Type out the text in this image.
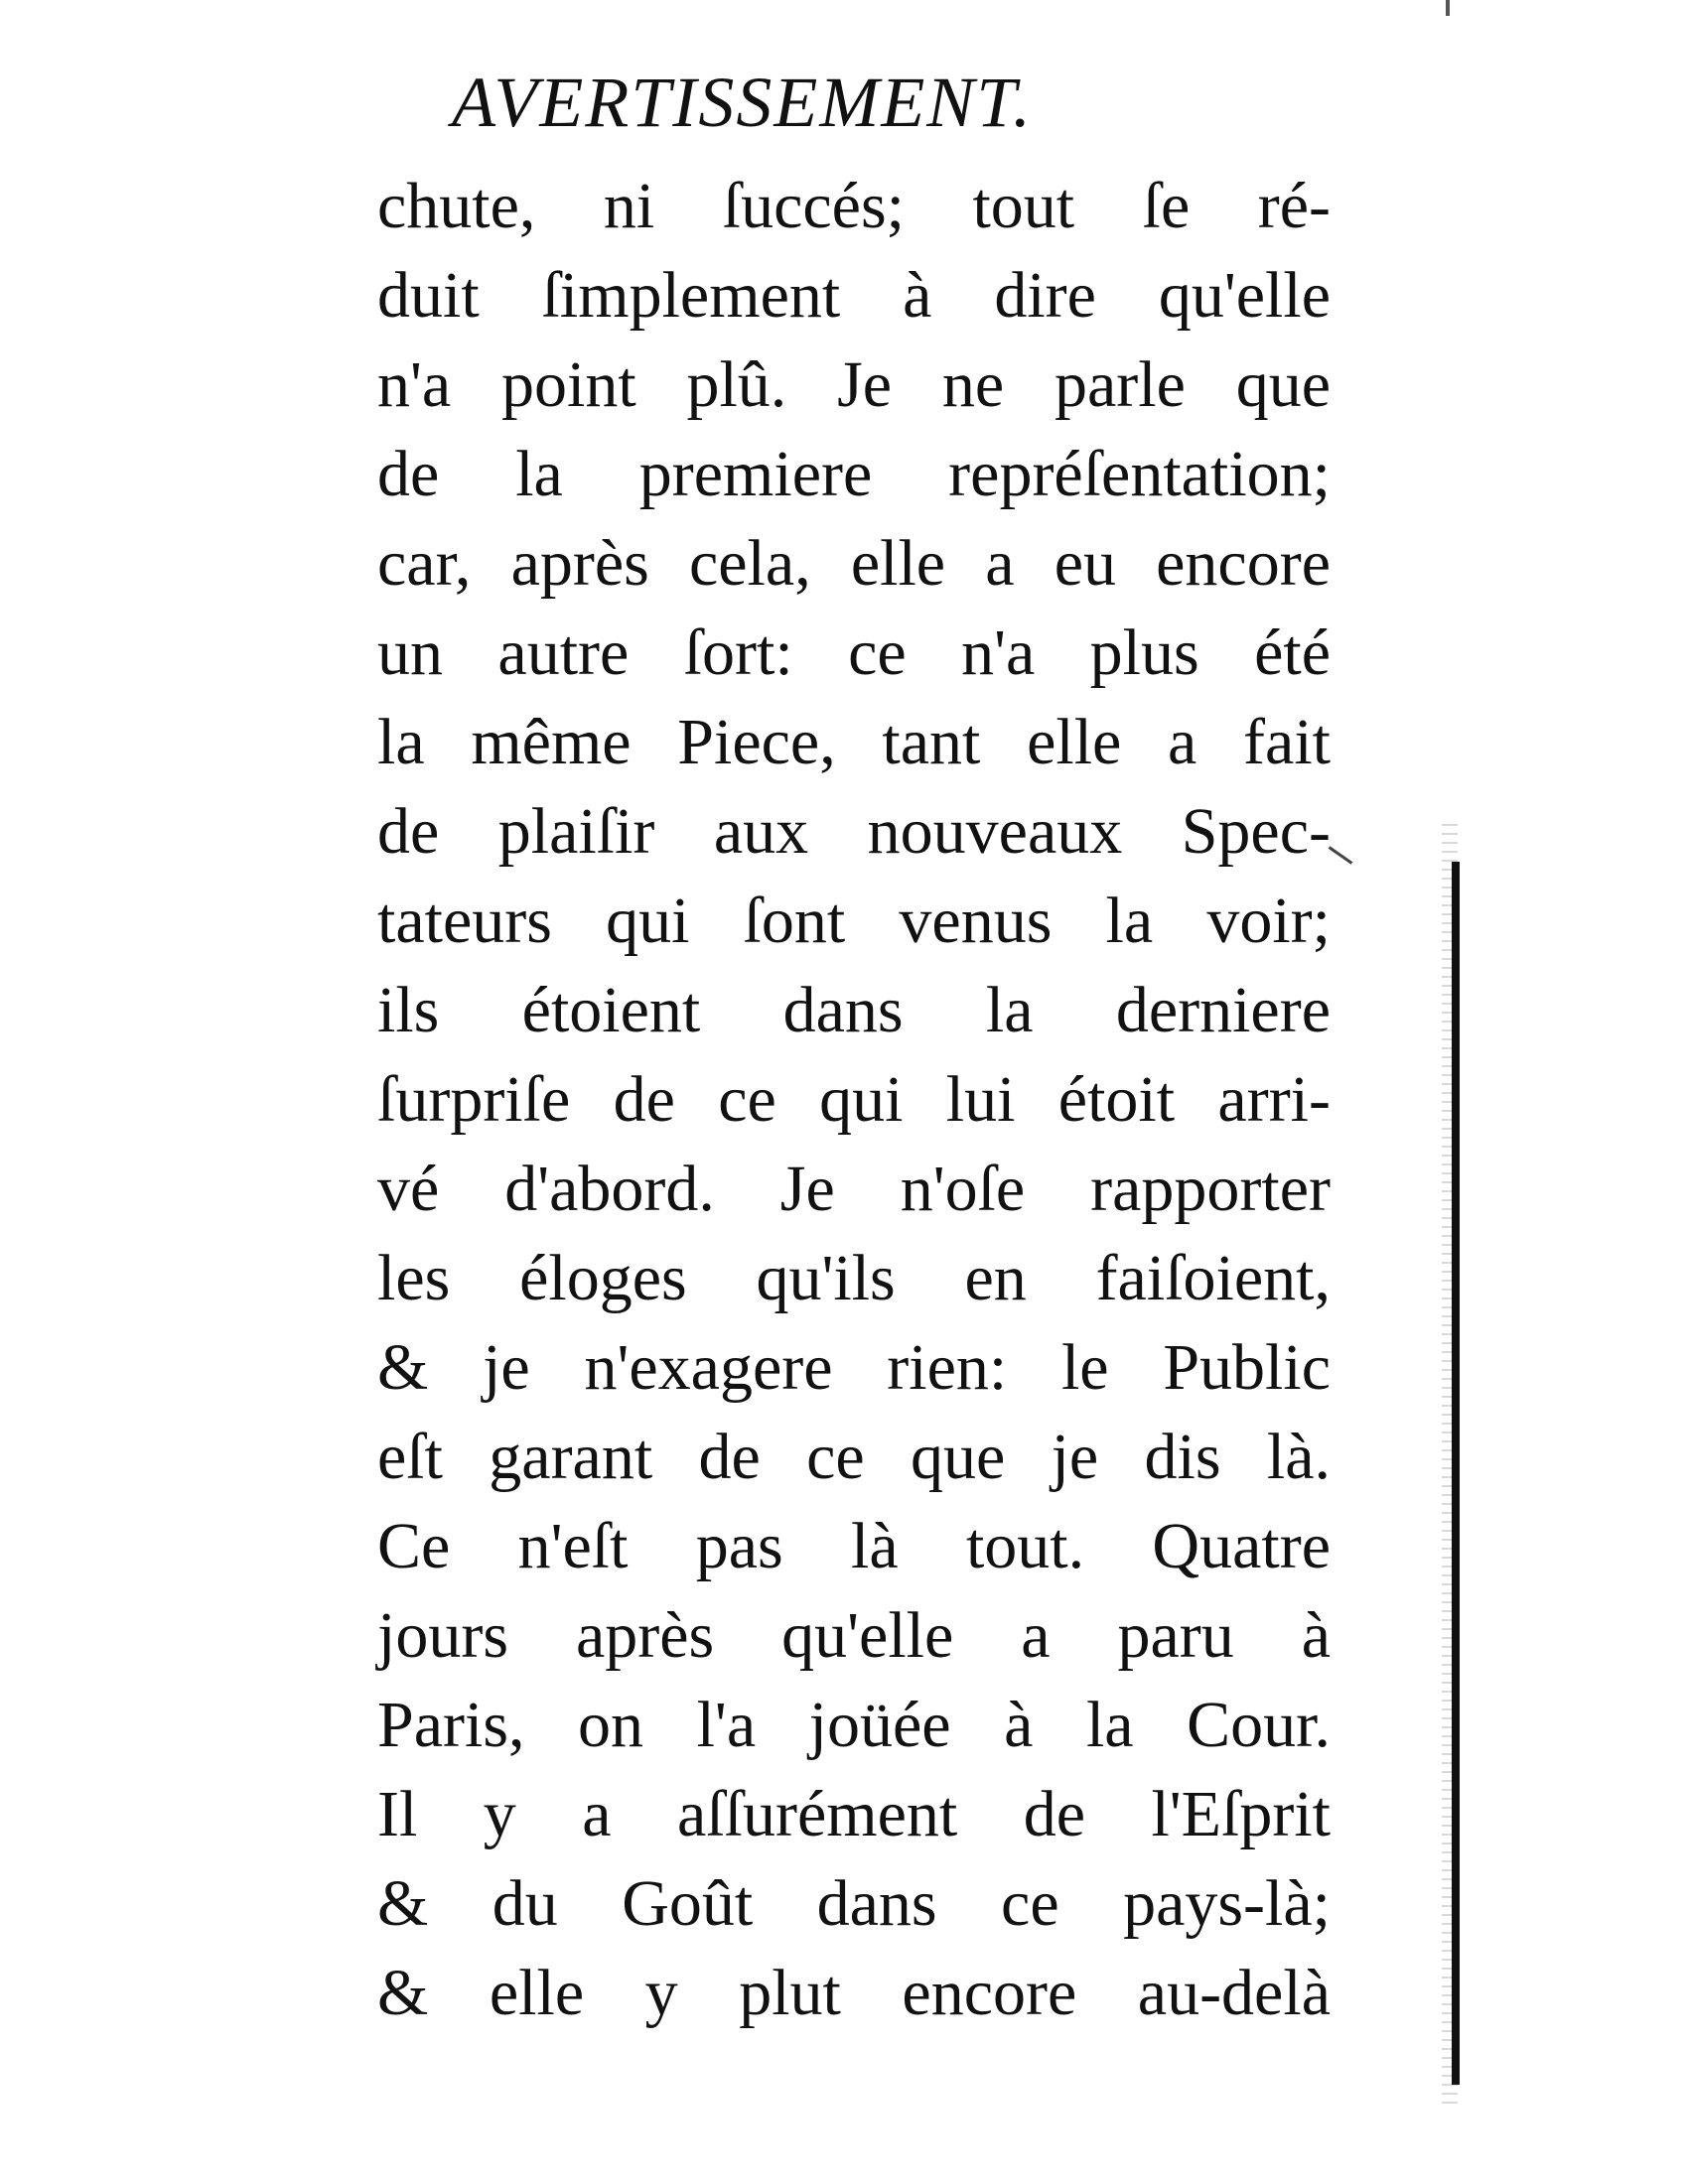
AVERTISSEMENT.
chute, ni ſuccés; tout ſe ré-
duit ſimplement à dire qu'elle
n'a point plû. Je ne parle que
de la premiere repréſentation;
car, après cela, elle a eu encore
un autre ſort: ce n'a plus été
la même Piece, tant elle a fait
de plaiſir aux nouveaux Spec-
tateurs qui ſont venus la voir;
ils étoient dans la derniere
ſurpriſe de ce qui lui étoit arri-
vé d'abord. Je n'oſe rapporter
les éloges qu'ils en faiſoient,
& je n'exagere rien: le Public
eſt garant de ce que je dis là.
Ce n'eſt pas là tout. Quatre
jours après qu'elle a paru à
Paris, on l'a joüée à la Cour.
Il y a aſſurément de l'Eſprit
& du Goût dans ce pays-là;
& elle y plut encore au-delà
